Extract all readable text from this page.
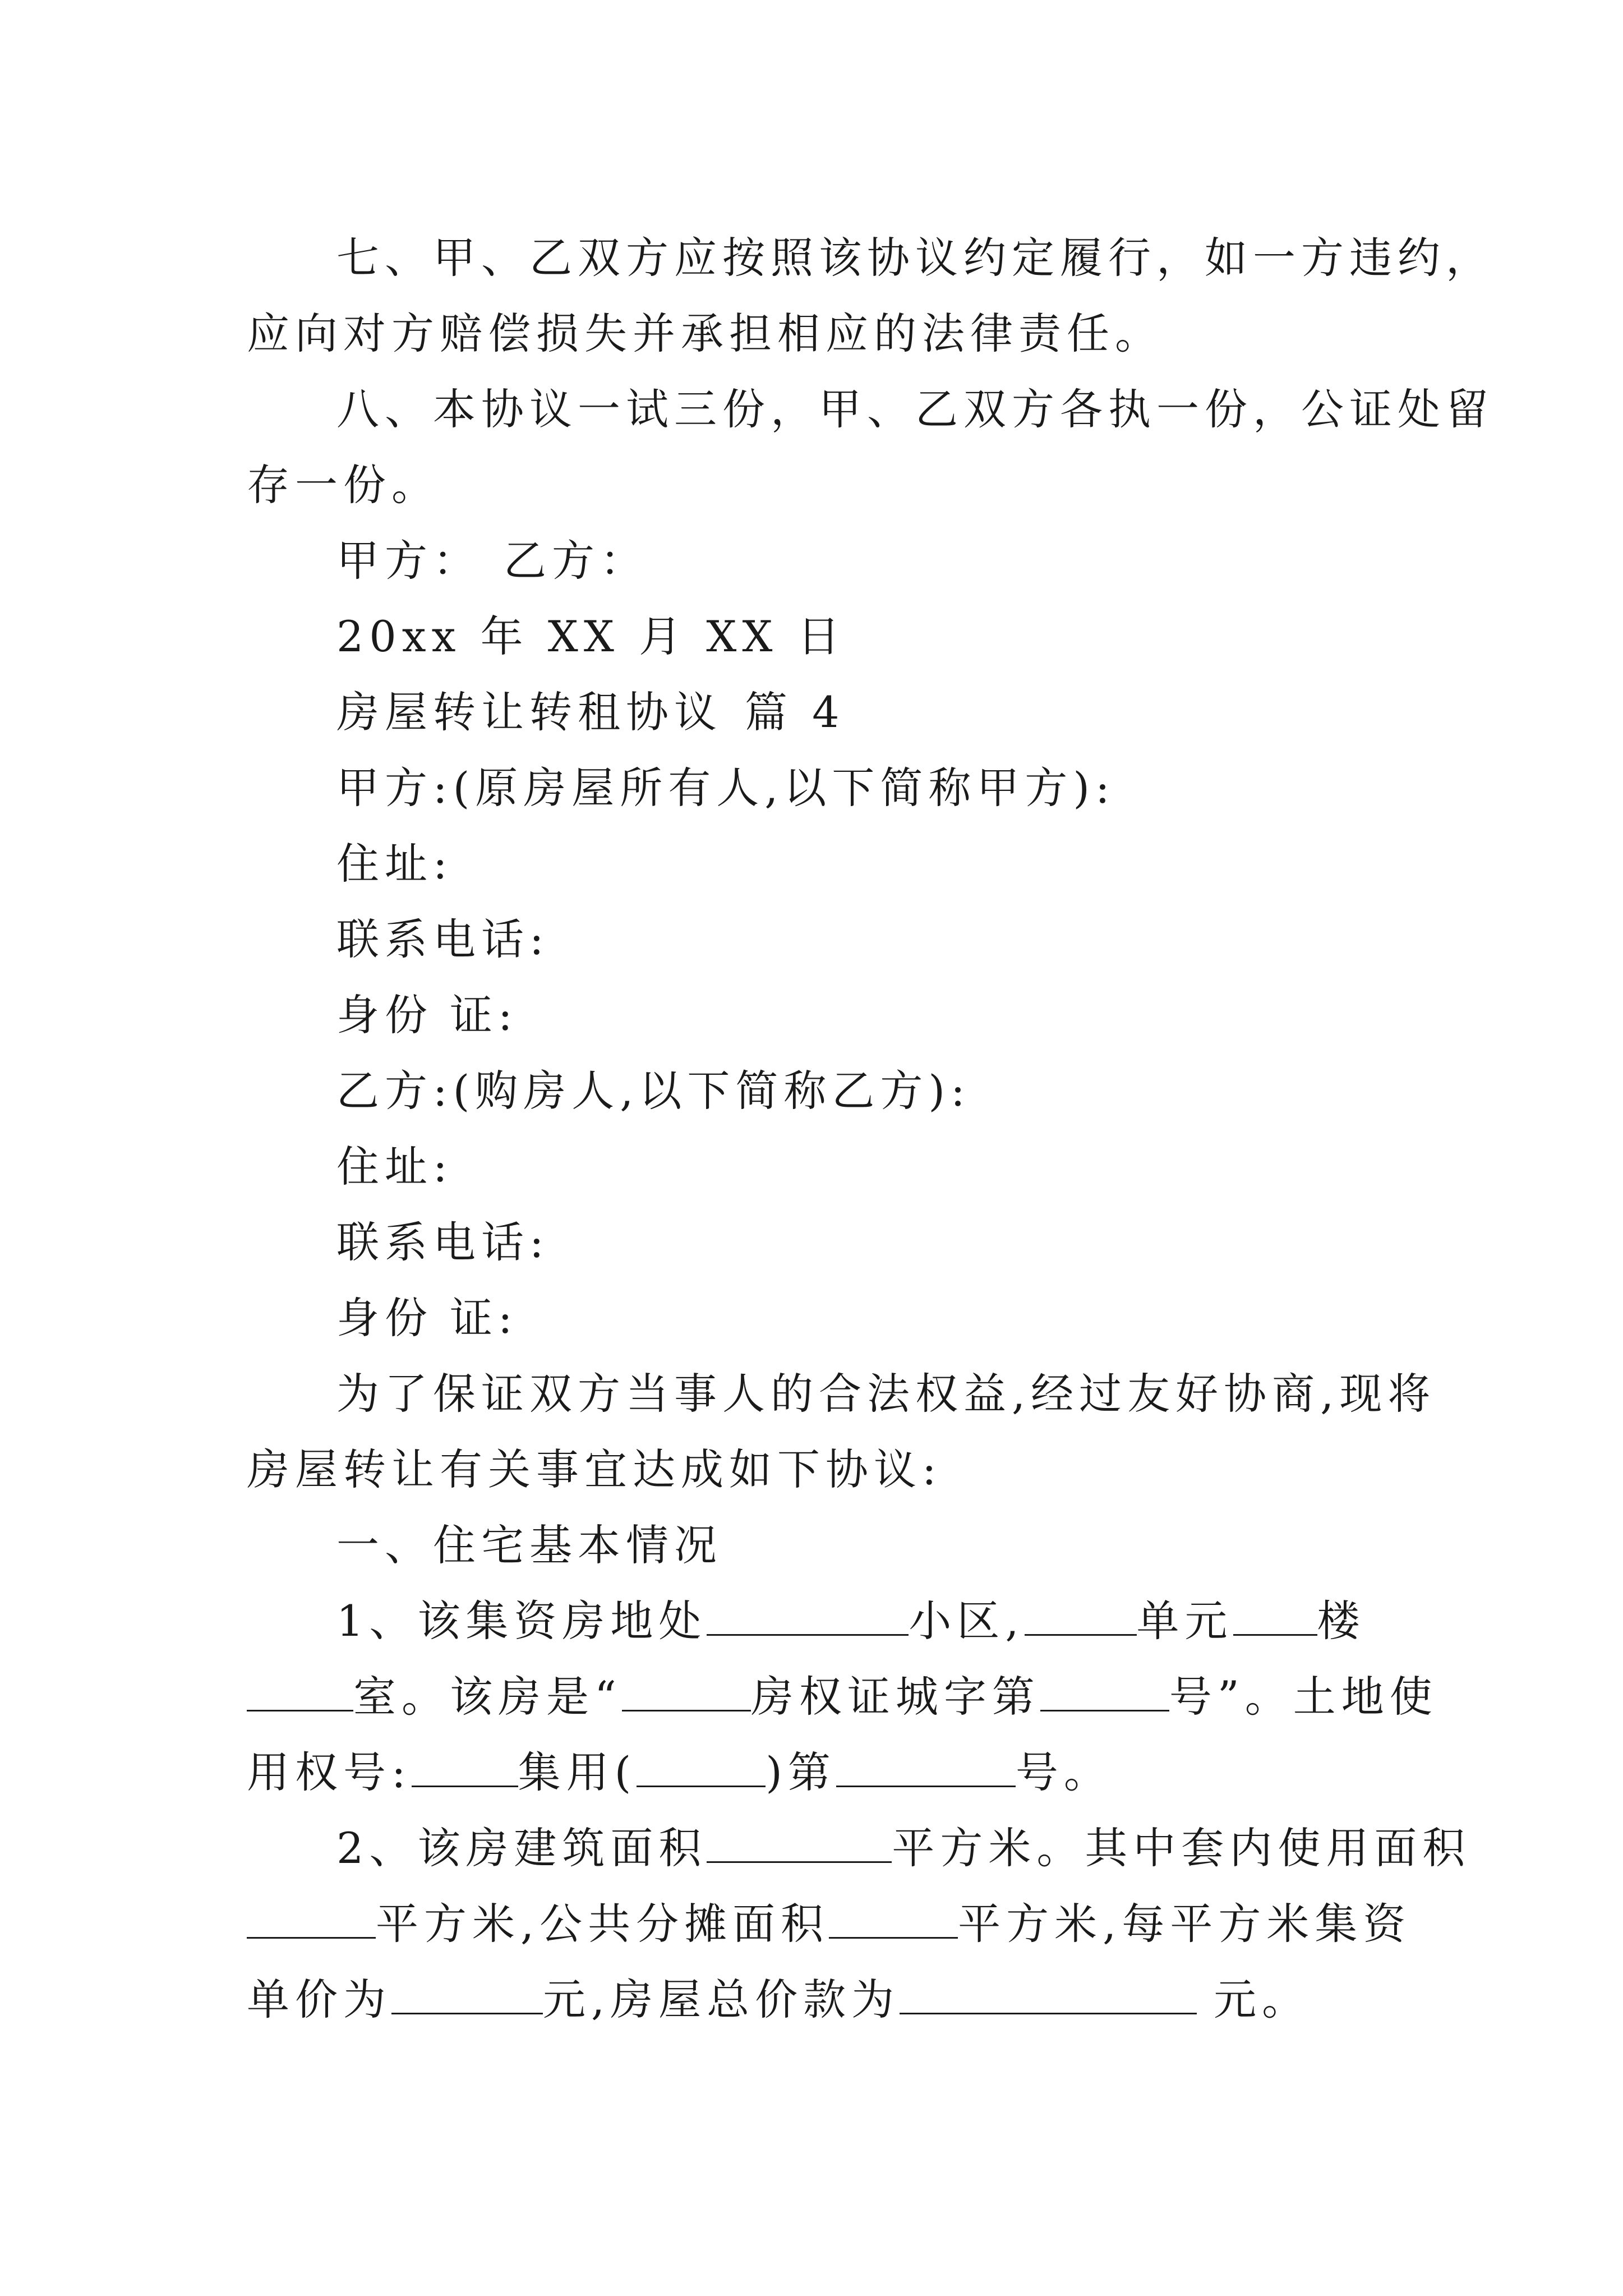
七、甲、乙双方应按照该协议约定履行，如一方违约，
应向对方赔偿损失并承担相应的法律责任。
八、本协议一试三份，甲、乙双方各执一份，公证处留
存一份。
甲方： 乙方：
20xx 年 XX 月 XX 日
房屋转让转租协议 篇 4
甲方:(原房屋所有人,以下简称甲方):
住址:
联系电话:
身份 证:
乙方:(购房人,以下简称乙方):
住址:
联系电话:
身份 证:
为了保证双方当事人的合法权益,经过友好协商,现将
房屋转让有关事宜达成如下协议:
一、住宅基本情况
1、该集资房地处	小区,	单元 楼
室。该房是“	房权证城字第	号”。土地使
用权号:	集用(	)第	号。
2、该房建筑面积	平方米。其中套内使用面积
平方米,公共分摊面积	平方米,每平方米集资
单价为	元,房屋总价款为	元。
